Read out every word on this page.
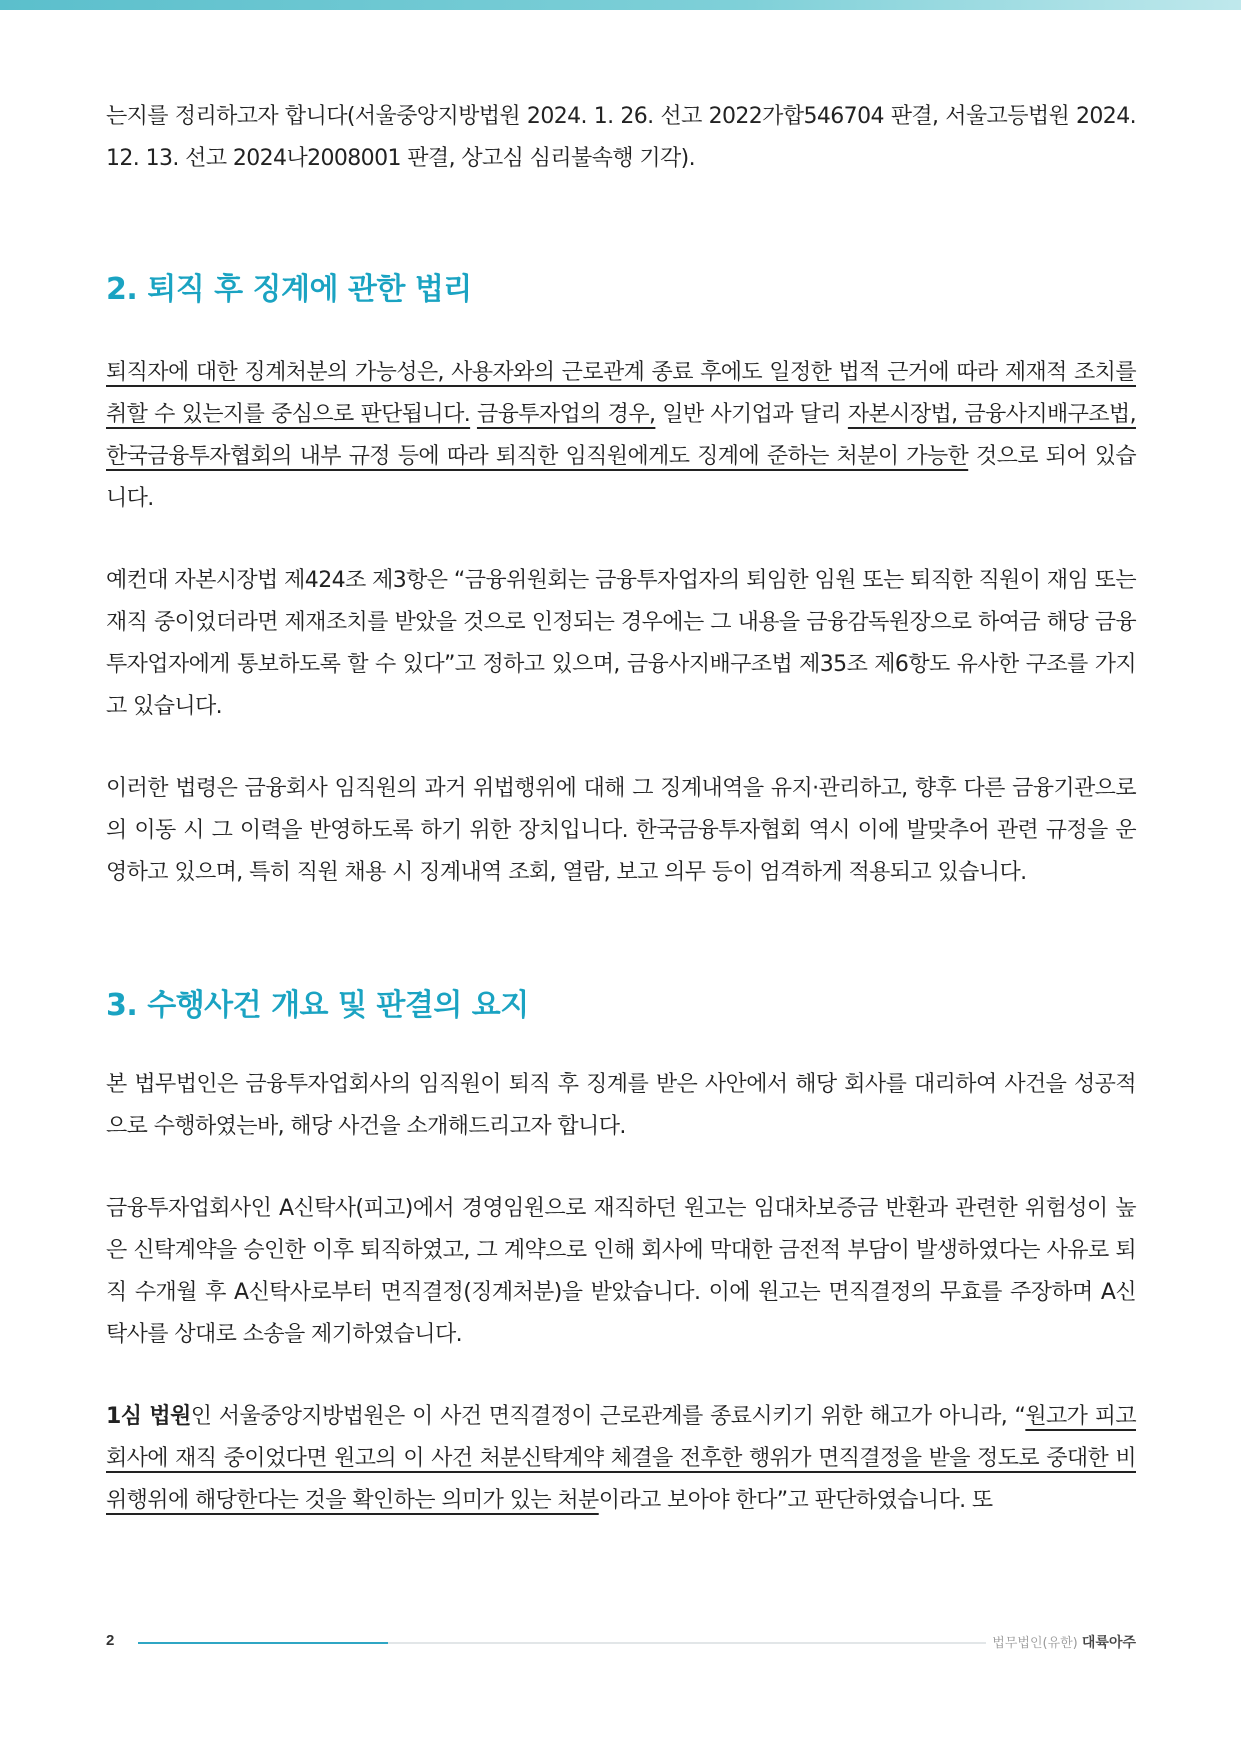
는지를 정리하고자 합니다(서울중앙지방법원 2024. 1. 26. 선고 2022가합546704 판결, 서울고등법원 2024. 12. 13. 선고 2024나2008001 판결, 상고심 심리불속행 기각).

2. 퇴직 후 징계에 관한 법리

퇴직자에 대한 징계처분의 가능성은, 사용자와의 근로관계 종료 후에도 일정한 법적 근거에 따라 제재적 조치를 취할 수 있는지를 중심으로 판단됩니다. 금융투자업의 경우, 일반 사기업과 달리 자본시장법, 금융사지배구조법, 한국금융투자협회의 내부 규정 등에 따라 퇴직한 임직원에게도 징계에 준하는 처분이 가능한 것으로 되어 있습니다.

예컨대 자본시장법 제424조 제3항은 “금융위원회는 금융투자업자의 퇴임한 임원 또는 퇴직한 직원이 재임 또는 재직 중이었더라면 제재조치를 받았을 것으로 인정되는 경우에는 그 내용을 금융감독원장으로 하여금 해당 금융투자업자에게 통보하도록 할 수 있다”고 정하고 있으며, 금융사지배구조법 제35조 제6항도 유사한 구조를 가지고 있습니다.

이러한 법령은 금융회사 임직원의 과거 위법행위에 대해 그 징계내역을 유지·관리하고, 향후 다른 금융기관으로의 이동 시 그 이력을 반영하도록 하기 위한 장치입니다. 한국금융투자협회 역시 이에 발맞추어 관련 규정을 운영하고 있으며, 특히 직원 채용 시 징계내역 조회, 열람, 보고 의무 등이 엄격하게 적용되고 있습니다.

3. 수행사건 개요 및 판결의 요지

본 법무법인은 금융투자업회사의 임직원이 퇴직 후 징계를 받은 사안에서 해당 회사를 대리하여 사건을 성공적으로 수행하였는바, 해당 사건을 소개해드리고자 합니다.

금융투자업회사인 A신탁사(피고)에서 경영임원으로 재직하던 원고는 임대차보증금 반환과 관련한 위험성이 높은 신탁계약을 승인한 이후 퇴직하였고, 그 계약으로 인해 회사에 막대한 금전적 부담이 발생하였다는 사유로 퇴직 수개월 후 A신탁사로부터 면직결정(징계처분)을 받았습니다. 이에 원고는 면직결정의 무효를 주장하며 A신탁사를 상대로 소송을 제기하였습니다.

1심 법원인 서울중앙지방법원은 이 사건 면직결정이 근로관계를 종료시키기 위한 해고가 아니라, “원고가 피고 회사에 재직 중이었다면 원고의 이 사건 처분신탁계약 체결을 전후한 행위가 면직결정을 받을 정도로 중대한 비위행위에 해당한다는 것을 확인하는 의미가 있는 처분이라고 보아야 한다”고 판단하였습니다. 또

2	법무법인(유한) 대륙아주
